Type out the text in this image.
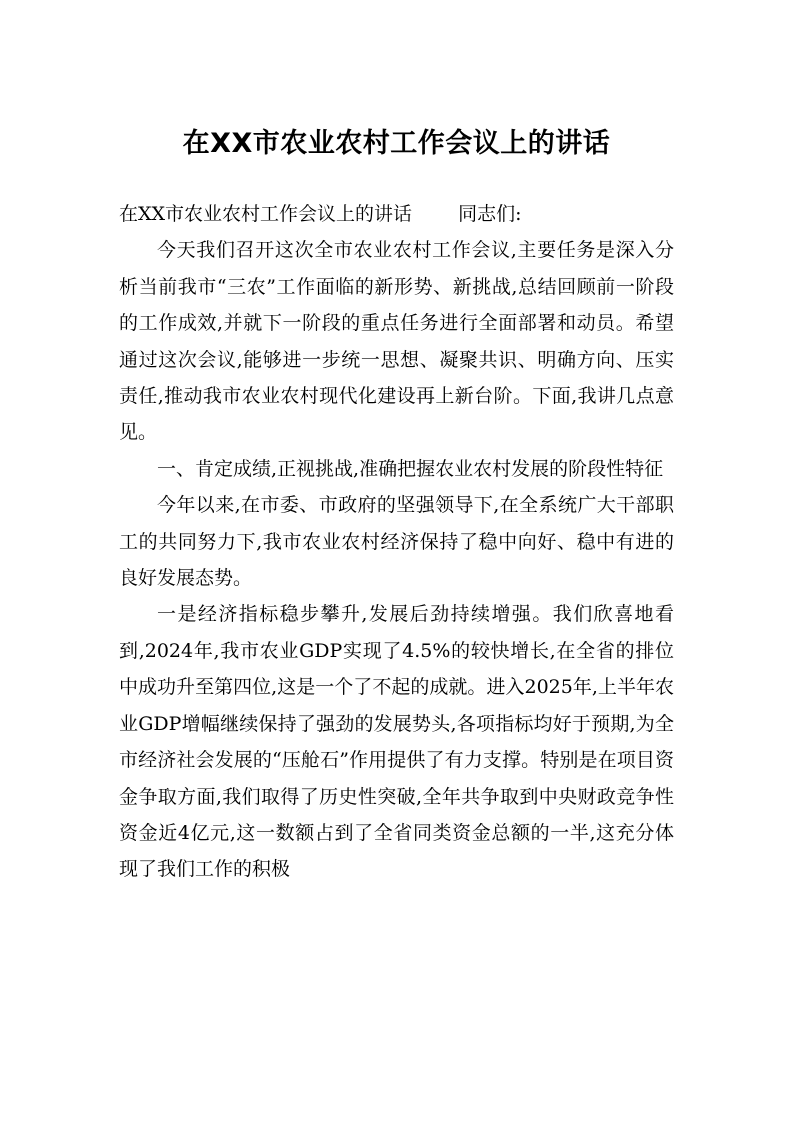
在XX市农业农村工作会议上的讲话

在XX市农业农村工作会议上的讲话 同志们:

今天我们召开这次全市农业农村工作会议,主要任务是深入分析当前我市“三农”工作面临的新形势、新挑战,总结回顾前一阶段的工作成效,并就下一阶段的重点任务进行全面部署和动员。希望通过这次会议,能够进一步统一思想、凝聚共识、明确方向、压实责任,推动我市农业农村现代化建设再上新台阶。下面,我讲几点意见。

一、肯定成绩,正视挑战,准确把握农业农村发展的阶段性特征

今年以来,在市委、市政府的坚强领导下,在全系统广大干部职工的共同努力下,我市农业农村经济保持了稳中向好、稳中有进的良好发展态势。

一是经济指标稳步攀升,发展后劲持续增强。我们欣喜地看到,2024年,我市农业GDP实现了4.5%的较快增长,在全省的排位中成功升至第四位,这是一个了不起的成就。进入2025年,上半年农业GDP增幅继续保持了强劲的发展势头,各项指标均好于预期,为全市经济社会发展的“压舱石”作用提供了有力支撑。特别是在项目资金争取方面,我们取得了历史性突破,全年共争取到中央财政竞争性资金近4亿元,这一数额占到了全省同类资金总额的一半,这充分体现了我们工作的积极
